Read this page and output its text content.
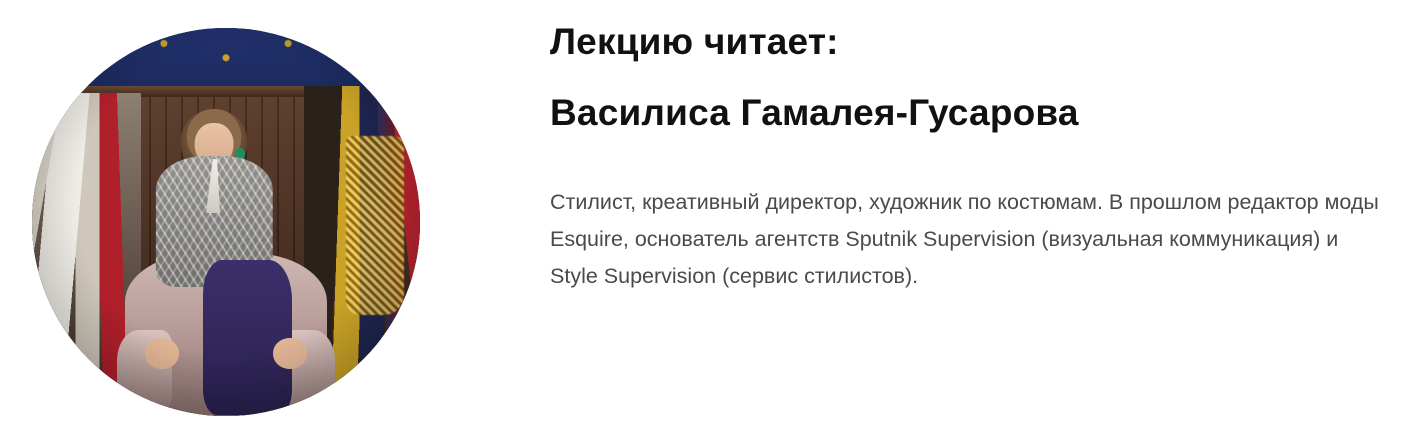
Лекцию читает:

Василиса Гамалея-Гусарова

Стилист, креативный директор, художник по костюмам. В прошлом редактор моды Esquire, основатель агентств Sputnik Supervision (визуальная коммуникация) и Style Supervision (сервис стилистов).
